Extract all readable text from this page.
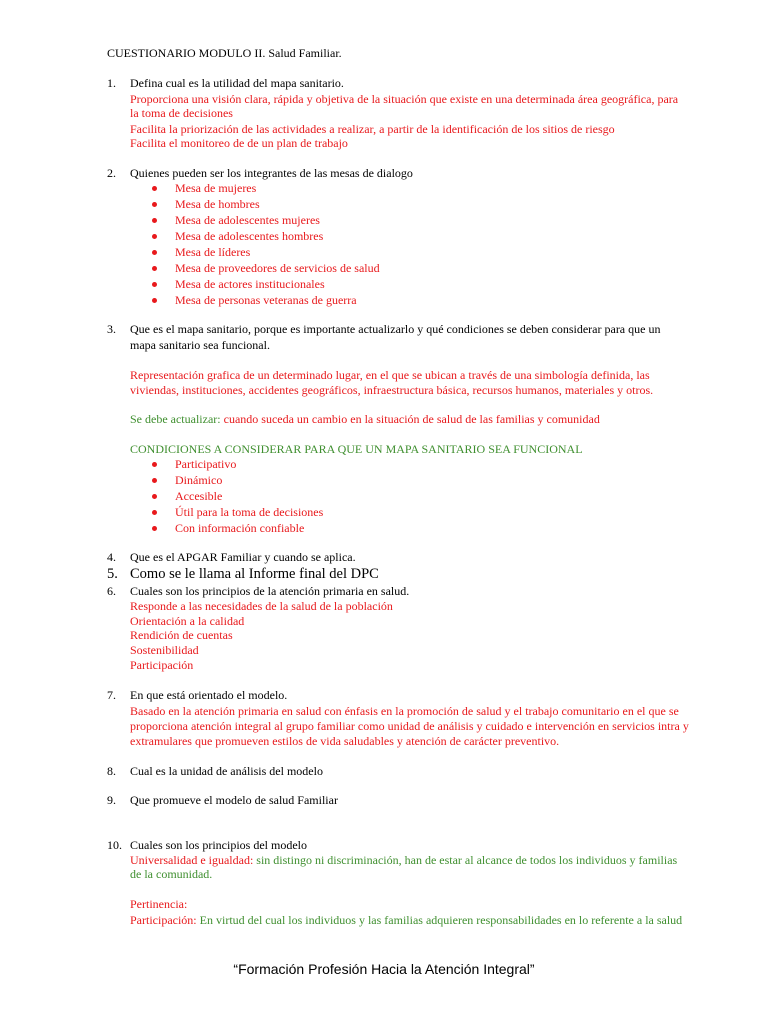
CUESTIONARIO MODULO II. Salud Familiar.
1.	Defina cual es la utilidad del mapa sanitario.
Proporciona una visión clara, rápida y objetiva de la situación que existe en una determinada área geográfica, para
la toma de decisiones
Facilita la priorización de las actividades a realizar, a partir de la identificación de los sitios de riesgo
Facilita el monitoreo de de un plan de trabajo
2.	Quienes pueden ser los integrantes de las mesas de dialogo
Mesa de mujeres
Mesa de hombres
Mesa de adolescentes mujeres
Mesa de adolescentes hombres
Mesa de líderes
Mesa de proveedores de servicios de salud
Mesa de actores institucionales
Mesa de personas veteranas de guerra
3.	Que es el mapa sanitario, porque es importante actualizarlo y qué condiciones se deben considerar para que un
mapa sanitario sea funcional.
Representación grafica de un determinado lugar, en el que se ubican a través de una simbología definida, las
viviendas, instituciones, accidentes geográficos, infraestructura básica, recursos humanos, materiales y otros.
Se debe actualizar: cuando suceda un cambio en la situación de salud de las familias y comunidad
CONDICIONES A CONSIDERAR PARA QUE UN MAPA SANITARIO SEA FUNCIONAL
Participativo
Dinámico
Accesible
Útil para la toma de decisiones
Con información confiable
4.	Que es el APGAR Familiar y cuando se aplica.
5. Como se le llama al Informe final del DPC
6.	Cuales son los principios de la atención primaria en salud.
Responde a las necesidades de la salud de la población
Orientación a la calidad
Rendición de cuentas
Sostenibilidad
Participación
7.	En que está orientado el modelo.
Basado en la atención primaria en salud con énfasis en la promoción de salud y el trabajo comunitario en el que se
proporciona atención integral al grupo familiar como unidad de análisis y cuidado e intervención en servicios intra y
extramulares que promueven estilos de vida saludables y atención de carácter preventivo.
8.	Cual es la unidad de análisis del modelo
9.	Que promueve el modelo de salud Familiar
10. Cuales son los principios del modelo
Universalidad e igualdad: sin distingo ni discriminación, han de estar al alcance de todos los individuos y familias
de la comunidad.
Pertinencia:
Participación: En virtud del cual los individuos y las familias adquieren responsabilidades en lo referente a la salud
“Formación Profesión Hacia la Atención Integral”
